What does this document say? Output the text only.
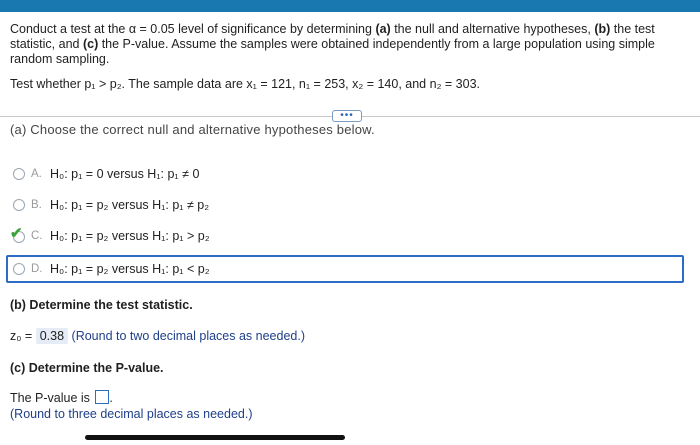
Conduct a test at the α = 0.05 level of significance by determining (a) the null and alternative hypotheses, (b) the test statistic, and (c) the P-value. Assume the samples were obtained independently from a large population using simple random sampling.

Test whether p₁ > p₂. The sample data are x₁ = 121, n₁ = 253, x₂ = 140, and n₂ = 303.

•••
(a) Choose the correct null and alternative hypotheses below.
A. H₀: p₁ = 0 versus H₁: p₁ ≠ 0
B. H₀: p₁ = p₂ versus H₁: p₁ ≠ p₂
✔ C. H₀: p₁ = p₂ versus H₁: p₁ > p₂
D. H₀: p₁ = p₂ versus H₁: p₁ < p₂
(b) Determine the test statistic.
z₀ = 0.38 (Round to two decimal places as needed.)
(c) Determine the P-value.
The P-value is .
(Round to three decimal places as needed.)
